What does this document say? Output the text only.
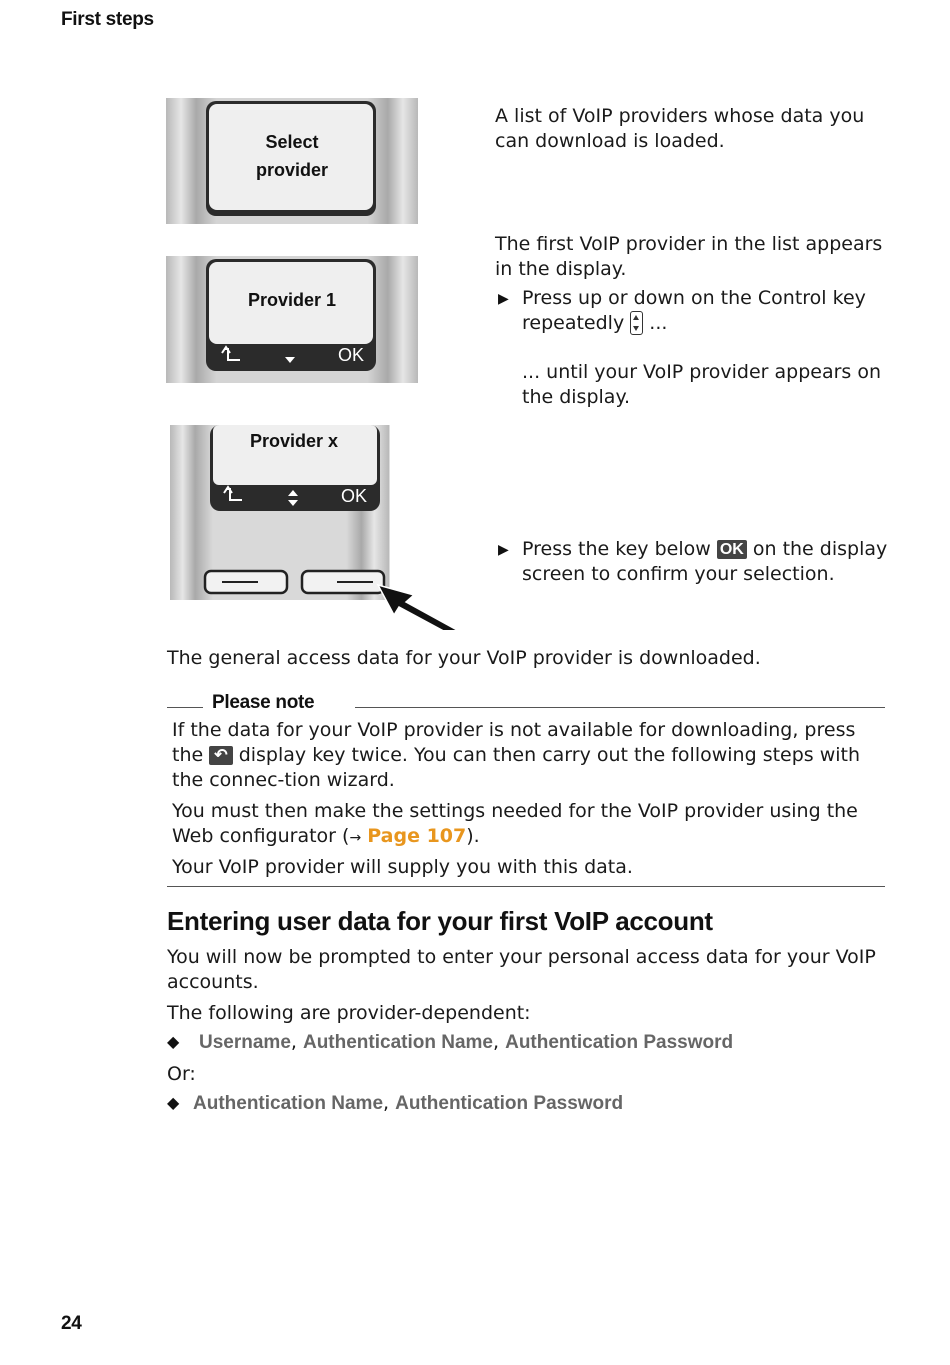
First steps
Select
provider
Provider 1
OK
Provider x
OK
A list of VoIP providers whose data you can download is loaded.
The first VoIP provider in the list appears in the display.
▶ Press up or down on the Control key repeatedly ...
... until your VoIP provider appears on the display.
▶ Press the key below OK on the display screen to confirm your selection.
The general access data for your VoIP provider is downloaded.
Please note
If the data for your VoIP provider is not available for downloading, press the ↶ display key twice. You can then carry out the following steps with the connec-tion wizard.
You must then make the settings needed for the VoIP provider using the Web configurator (→ Page 107).
Your VoIP provider will supply you with this data.
Entering user data for your first VoIP account
You will now be prompted to enter your personal access data for your VoIP accounts.
The following are provider-dependent:
◆ Username, Authentication Name, Authentication Password
Or:
◆ Authentication Name, Authentication Password
24
